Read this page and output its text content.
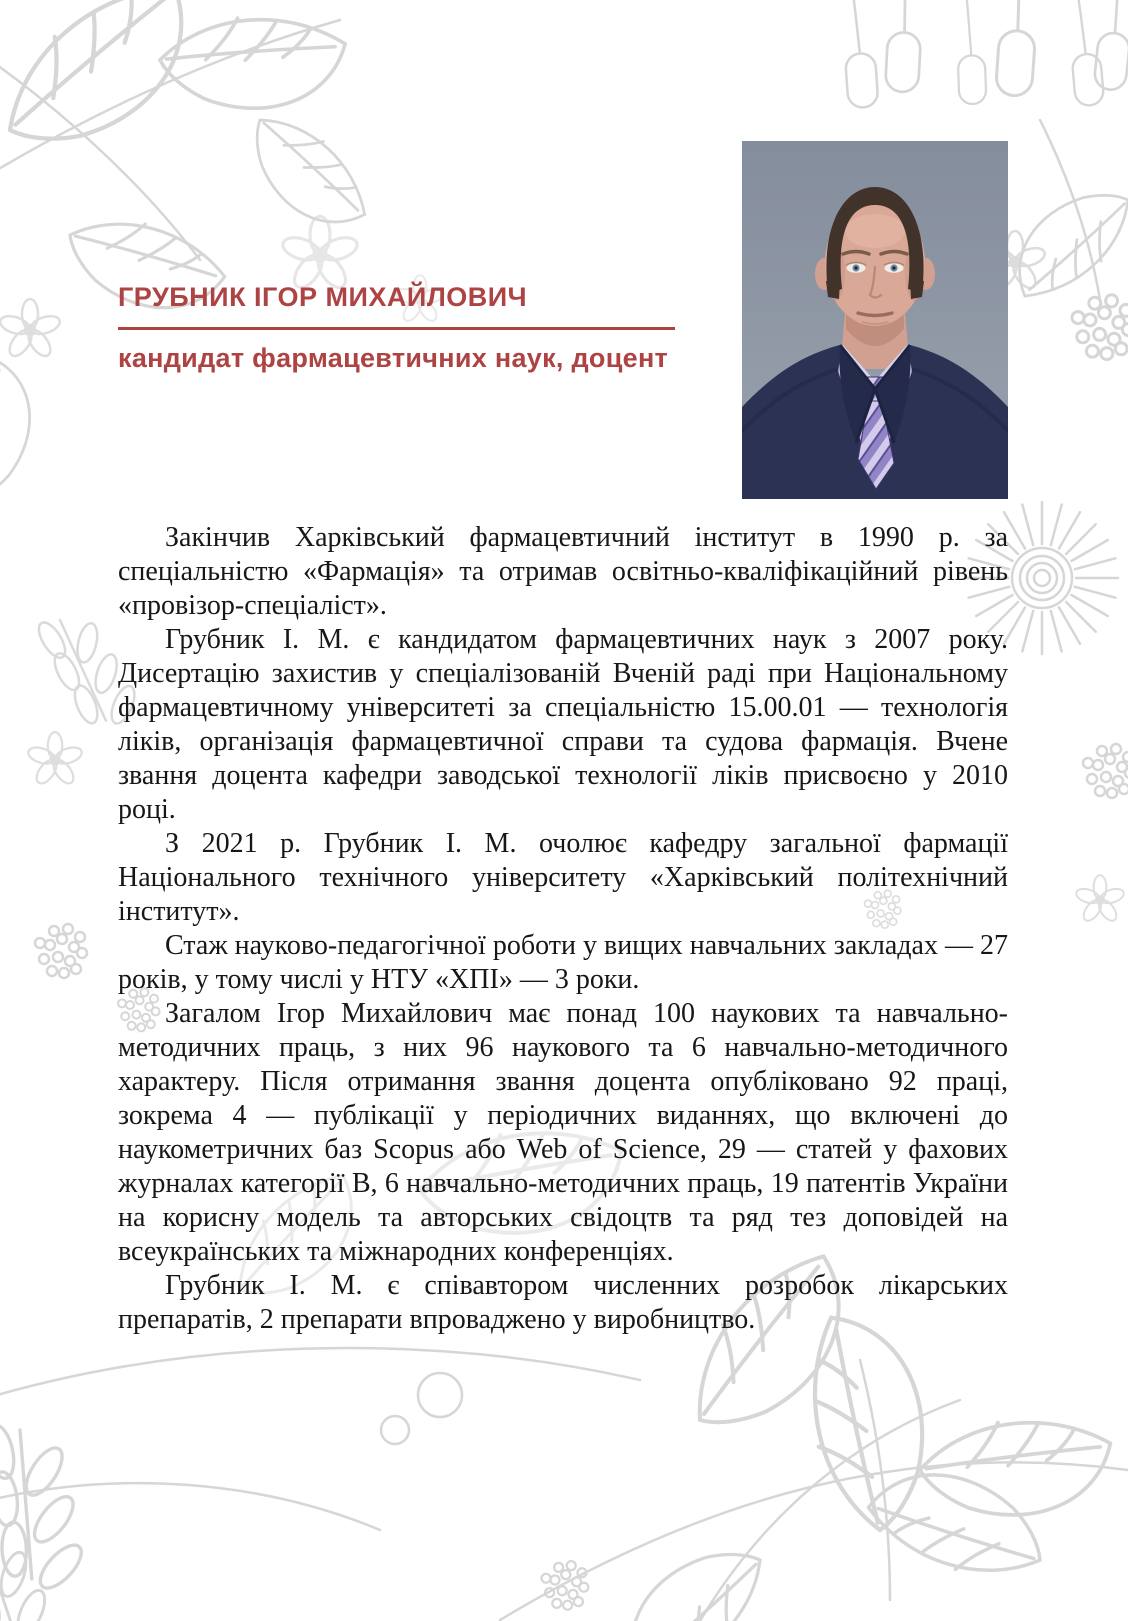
ГРУБНИК ІГОР МИХАЙЛОВИЧ
кандидат фармацевтичних наук, доцент

Закінчив Харківський фармацевтичний інститут в 1990 р. за спеціальністю «Фармація» та отримав освітньо-кваліфікаційний рівень «провізор-спеціаліст».

Грубник І. М. є кандидатом фармацевтичних наук з 2007 року. Дисертацію захистив у спеціалізованій Вченій раді при Національному фармацевтичному університеті за спеціальністю 15.00.01 — технологія ліків, організація фармацевтичної справи та судова фармація. Вчене звання доцента кафедри заводської технології ліків присвоєно у 2010 році.

З 2021 р. Грубник І. М. очолює кафедру загальної фармації Національного технічного університету «Харківський політехнічний інститут».

Стаж науково-педагогічної роботи у вищих навчальних закладах — 27 років, у тому числі у НТУ «ХПІ» — 3 роки.

Загалом Ігор Михайлович має понад 100 наукових та навчально-методичних праць, з них 96 наукового та 6 навчально-методичного характеру. Після отримання звання доцента опубліковано 92 праці, зокрема 4 — публікації у періодичних виданнях, що включені до наукометричних баз Scopus або Web of Science, 29 — статей у фахових журналах категорії В, 6 навчально-методичних праць, 19 патентів України на корисну модель та авторських свідоцтв та ряд тез доповідей на всеукраїнських та міжнародних конференціях.

Грубник І. М. є співавтором численних розробок лікарських препаратів, 2 препарати впроваджено у виробництво.
